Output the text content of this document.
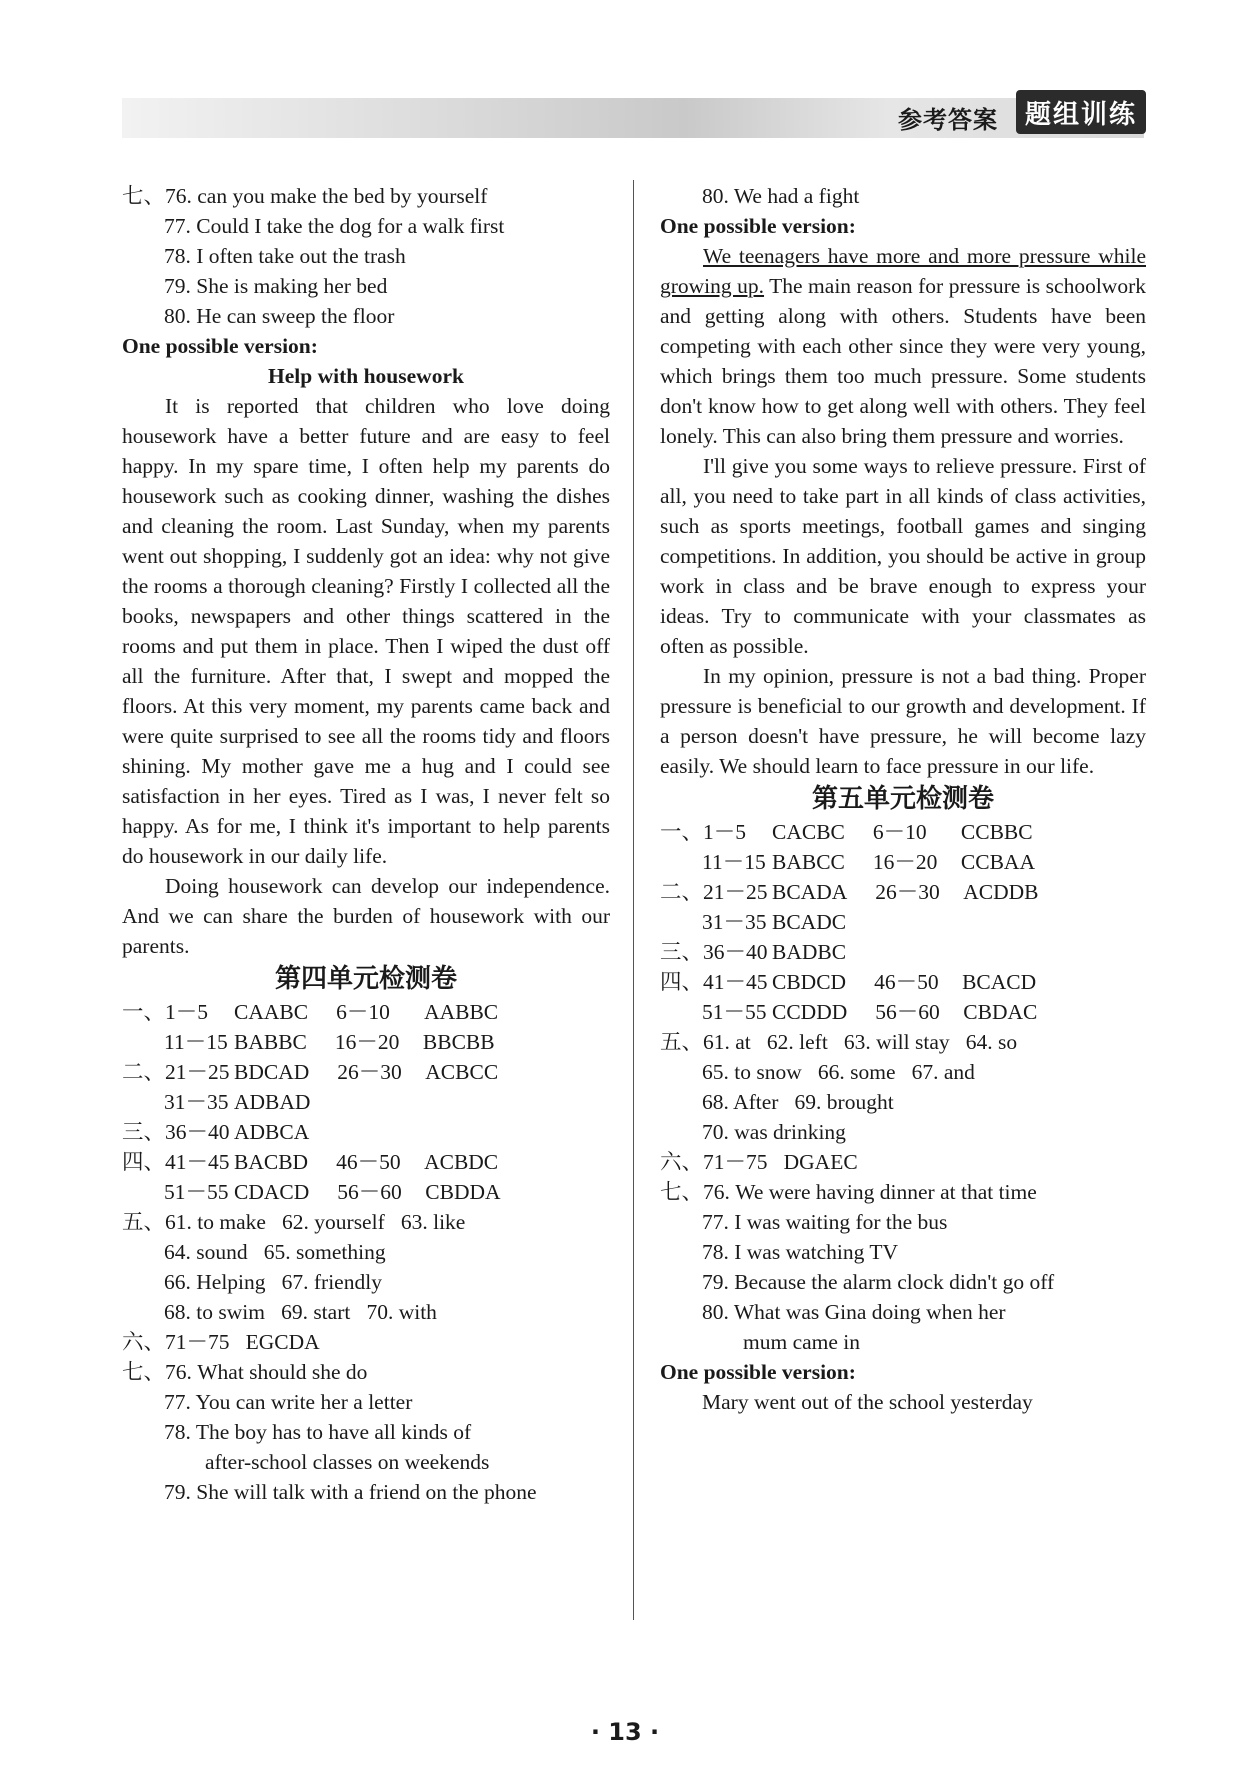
参考答案	题组训练
七、76. can you make the bed by yourself
77. Could I take the dog for a walk first
78. I often take out the trash
79. She is making her bed
80. He can sweep the floor
One possible version:
Help with housework
It is reported that children who love doing housework have a better future and are easy to feel happy. In my spare time, I often help my parents do housework such as cooking dinner, washing the dishes and cleaning the room. Last Sunday, when my parents went out shopping, I suddenly got an idea: why not give the rooms a thorough cleaning? Firstly I collected all the books, newspapers and other things scattered in the rooms and put them in place. Then I wiped the dust off all the furniture. After that, I swept and mopped the floors. At this very moment, my parents came back and were quite surprised to see all the rooms tidy and floors shining. My mother gave me a hug and I could see satisfaction in her eyes. Tired as I was, I never felt so happy. As for me, I think it's important to help parents do housework in our daily life.
Doing housework can develop our independence. And we can share the burden of housework with our parents.
第四单元检测卷
一、1－5 CAABC 6－10 AABBC
11－15 BABBC 16－20 BBCBB
二、21－25 BDCAD 26－30 ACBCC
31－35 ADBAD
三、36－40 ADBCA
四、41－45 BACBD 46－50 ACBDC
51－55 CDACD 56－60 CBDDA
五、61. to make   62. yourself   63. like
64. sound   65. something
66. Helping   67. friendly
68. to swim   69. start   70. with
六、71－75   EGCDA
七、76. What should she do
77. You can write her a letter
78. The boy has to have all kinds of
after-school classes on weekends
79. She will talk with a friend on the phone
80. We had a fight
One possible version:
We teenagers have more and more pressure while growing up. The main reason for pressure is schoolwork and getting along with others. Students have been competing with each other since they were very young, which brings them too much pressure. Some students don't know how to get along well with others. They feel lonely. This can also bring them pressure and worries.
I'll give you some ways to relieve pressure. First of all, you need to take part in all kinds of class activities, such as sports meetings, football games and singing competitions. In addition, you should be active in group work in class and be brave enough to express your ideas. Try to communicate with your classmates as often as possible.
In my opinion, pressure is not a bad thing. Proper pressure is beneficial to our growth and development. If a person doesn't have pressure, he will become lazy easily. We should learn to face pressure in our life.
第五单元检测卷
一、1－5 CACBC 6－10 CCBBC
11－15 BABCC 16－20 CCBAA
二、21－25 BCADA 26－30 ACDDB
31－35 BCADC
三、36－40 BADBC
四、41－45 CBDCD 46－50 BCACD
51－55 CCDDD 56－60 CBDAC
五、61. at   62. left   63. will stay   64. so
65. to snow   66. some   67. and
68. After   69. brought
70. was drinking
六、71－75   DGAEC
七、76. We were having dinner at that time
77. I was waiting for the bus
78. I was watching TV
79. Because the alarm clock didn't go off
80. What was Gina doing when her
mum came in
One possible version:
Mary went out of the school yesterday
· 13 ·
